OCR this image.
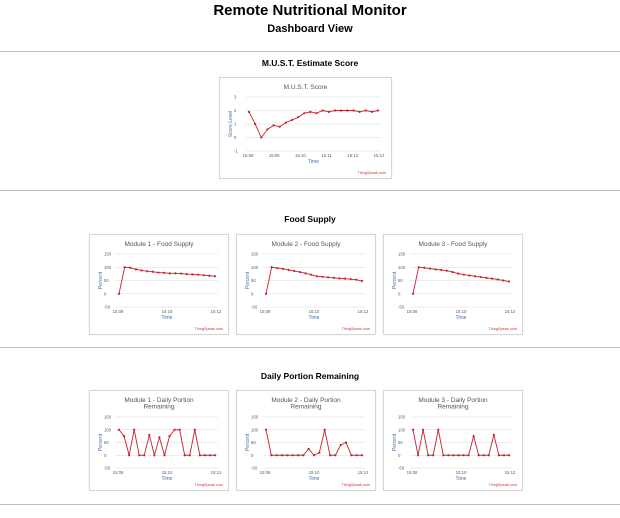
Remote Nutritional Monitor
Dashboard View
M.U.S.T. Estimate Score
M.U.S.T. Score
-1
0
1
2
3
Score Level
15:08	15:09	15:10	15:11	15:12	15:12
Time
ThingSpeak.com
Food Supply
Module 1 - Food Supply
-50
0
50
100
150
Percent
15:08	15:10	15:12
Time
ThingSpeak.com
Module 2 - Food Supply
-50
0
50
100
150
Percent
15:08	15:10	15:12
Time
ThingSpeak.com
Module 3 - Food Supply
-50
0
50
100
150
Percent
15:08	15:10	15:12
Time
ThingSpeak.com
Daily Portion Remaining
Module 1 - Daily Portion
Remaining
-50
0
50
100
150
Percent
15:08	15:10	15:12
Time
ThingSpeak.com
Module 2 - Daily Portion
Remaining
-50
0
50
100
150
Percent
15:08	15:10	15:12
Time
ThingSpeak.com
Module 3 - Daily Portion
Remaining
-50
0
50
100
150
Percent
15:08	15:10	15:12
Time
ThingSpeak.com
